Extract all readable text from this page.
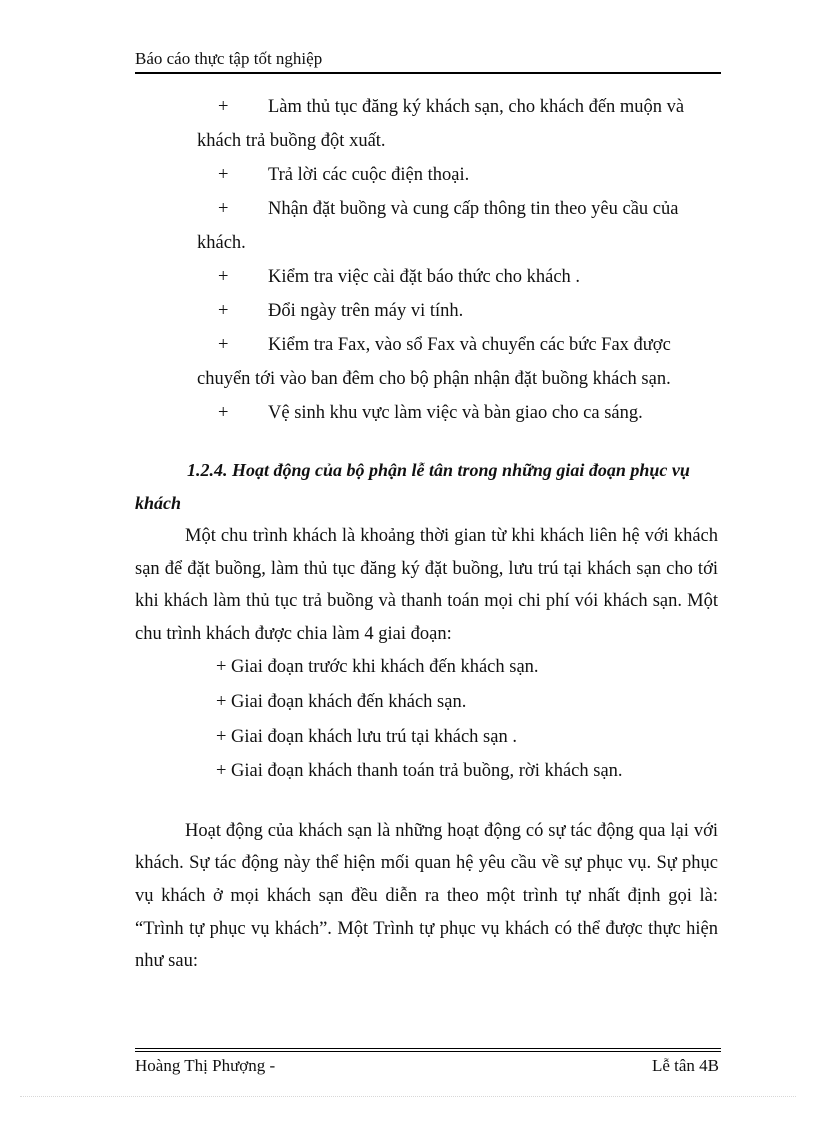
Báo cáo thực tập tốt nghiệp
+ Làm thủ tục đăng ký khách sạn, cho khách đến muộn và
khách trả buồng đột xuất.
+ Trả lời các cuộc điện thoại.
+ Nhận đặt buồng và cung cấp thông tin theo yêu cầu của
khách.
+ Kiểm tra việc cài đặt báo thức cho khách .
+ Đổi ngày trên máy vi tính.
+ Kiểm tra Fax, vào sổ Fax và chuyển các bức Fax được
chuyển tới vào ban đêm cho bộ phận nhận đặt buồng khách sạn.
+ Vệ sinh khu vực làm việc và bàn giao cho ca sáng.
1.2.4. Hoạt động của bộ phận lễ tân trong những giai đoạn phục vụ khách

Một chu trình khách là khoảng thời gian từ khi khách liên hệ với khách sạn để đặt buồng, làm thủ tục đăng ký đặt buồng, lưu trú tại khách sạn cho tới khi khách làm thủ tục trả buồng và thanh toán mọi chi phí vói khách sạn. Một chu trình khách được chia làm 4 giai đoạn:

+ Giai đoạn trước khi khách đến khách sạn.
+ Giai đoạn khách đến khách sạn.
+ Giai đoạn khách lưu trú tại khách sạn .
+ Giai đoạn khách thanh toán trả buồng, rời khách sạn.

Hoạt động của khách sạn là những hoạt động có sự tác động qua lại với khách. Sự tác động này thể hiện mối quan hệ yêu cầu về sự phục vụ. Sự phục vụ khách ở mọi khách sạn đều diễn ra theo một trình tự nhất định gọi là: “Trình tự phục vụ khách”. Một Trình tự phục vụ khách có thể được thực hiện như sau:

Hoàng Thị Phượng -	Lễ tân 4B
